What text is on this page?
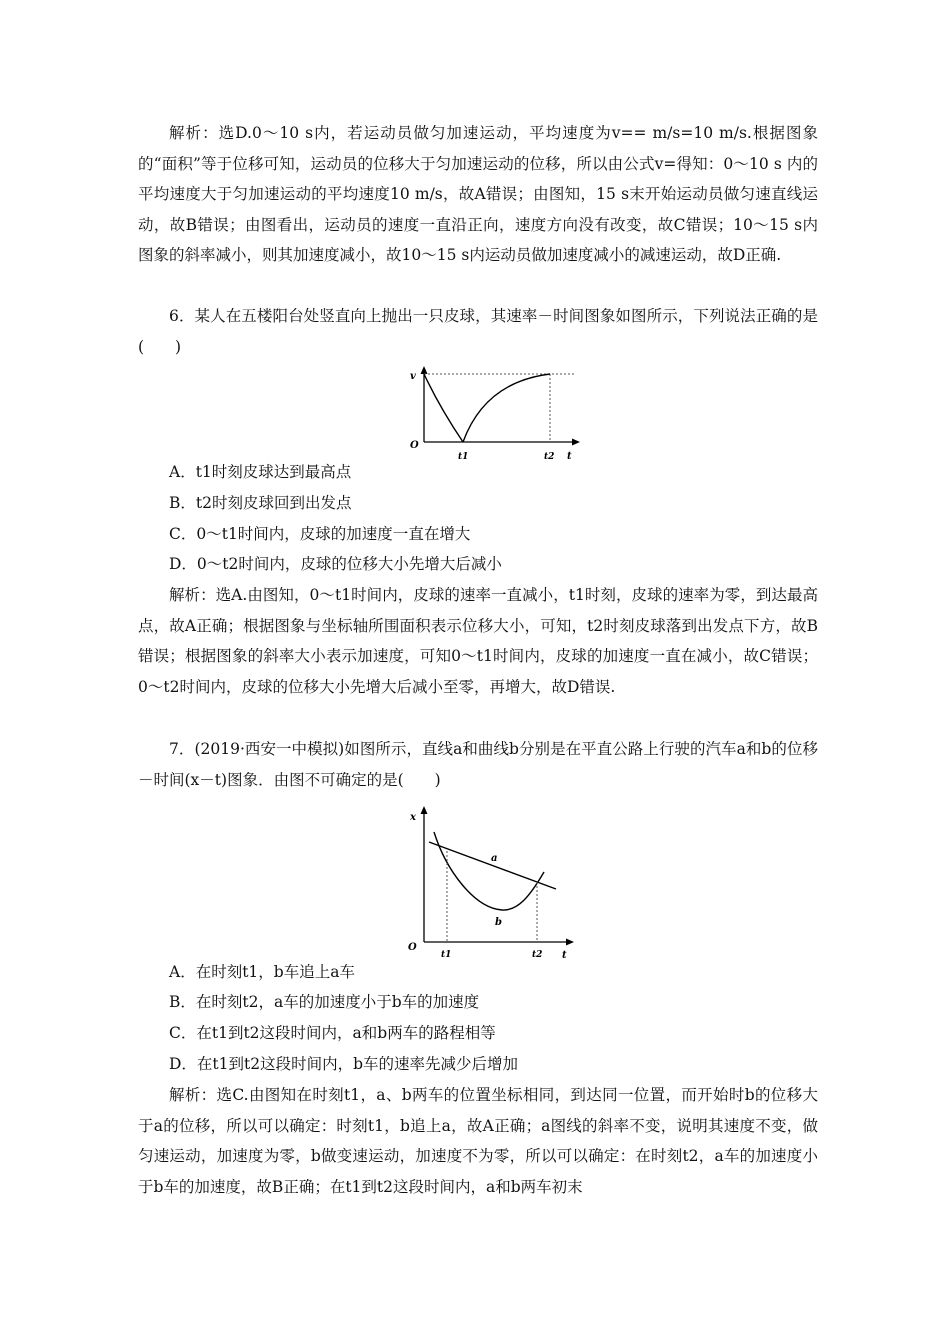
解析：选D.0～10 s内，若运动员做匀加速运动，平均速度为v== m/s=10 m/s.根据图象的“面积”等于位移可知，运动员的位移大于匀加速运动的位移，所以由公式v=得知：0～10 s 内的平均速度大于匀加速运动的平均速度10 m/s，故A错误；由图知，15 s末开始运动员做匀速直线运动，故B错误；由图看出，运动员的速度一直沿正向，速度方向没有改变，故C错误；10～15 s内图象的斜率减小，则其加速度减小，故10～15 s内运动员做加速度减小的减速运动，故D正确.

6．某人在五楼阳台处竖直向上抛出一只皮球，其速率－时间图象如图所示，下列说法正确的是(　　)

v
t
O
t1	t2

A．t1时刻皮球达到最高点

B．t2时刻皮球回到出发点

C．0～t1时间内，皮球的加速度一直在增大

D．0～t2时间内，皮球的位移大小先增大后减小

解析：选A.由图知，0～t1时间内，皮球的速率一直减小，t1时刻，皮球的速率为零，到达最高点，故A正确；根据图象与坐标轴所围面积表示位移大小，可知，t2时刻皮球落到出发点下方，故B错误；根据图象的斜率大小表示加速度，可知0～t1时间内，皮球的加速度一直在减小，故C错误；0～t2时间内，皮球的位移大小先增大后减小至零，再增大，故D错误.

7．(2019·西安一中模拟)如图所示，直线a和曲线b分别是在平直公路上行驶的汽车a和b的位移－时间(x－t)图象．由图不可确定的是(　　)

x
t
O
a
b
t1	t2

A．在时刻t1，b车追上a车

B．在时刻t2，a车的加速度小于b车的加速度

C．在t1到t2这段时间内，a和b两车的路程相等

D．在t1到t2这段时间内，b车的速率先减少后增加

解析：选C.由图知在时刻t1，a、b两车的位置坐标相同，到达同一位置，而开始时b的位移大于a的位移，所以可以确定：时刻t1，b追上a，故A正确；a图线的斜率不变，说明其速度不变，做匀速运动，加速度为零，b做变速运动，加速度不为零，所以可以确定：在时刻t2，a车的加速度小于b车的加速度，故B正确；在t1到t2这段时间内，a和b两车初末
